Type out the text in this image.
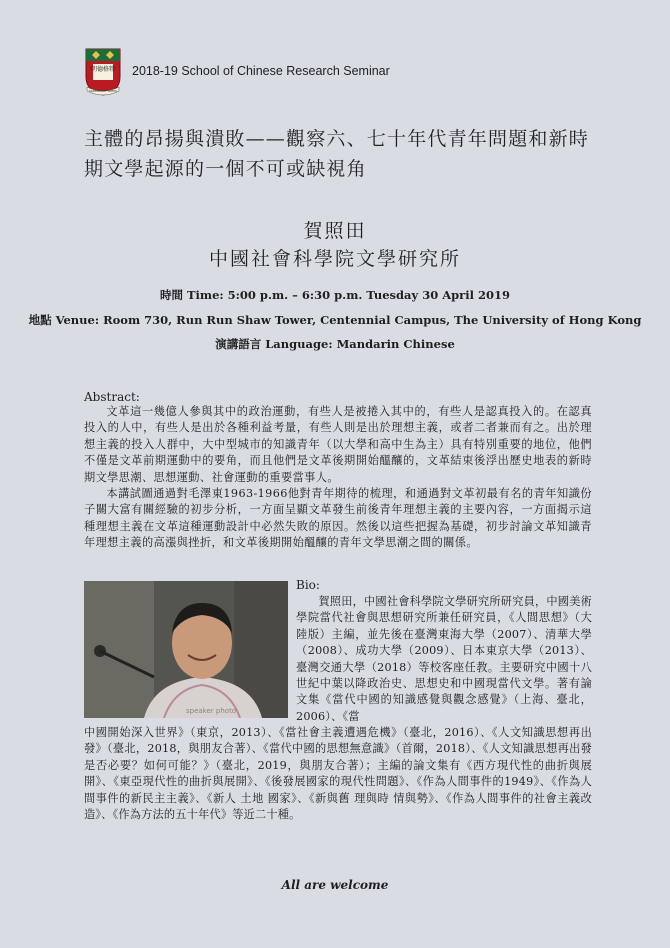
明德格物
SAPIENTIA ET VIRTUS
2018-19 School of Chinese Research Seminar
主體的昂揚與潰敗——觀察六、七十年代青年問題和新時期文學起源的一個不可或缺視角
賀照田
中國社會科學院文學研究所
時間 Time: 5:00 p.m. – 6:30 p.m. Tuesday 30 April 2019
地點 Venue: Room 730, Run Run Shaw Tower, Centennial Campus, The University of Hong Kong
演講語言 Language: Mandarin Chinese
Abstract:

文革這一幾億人參與其中的政治運動，有些人是被捲入其中的，有些人是認真投入的。在認真投入的人中，有些人是出於各種利益考量，有些人則是出於理想主義，或者二者兼而有之。出於理想主義的投入人群中，大中型城市的知識青年（以大學和高中生為主）具有特別重要的地位，他們不僅是文革前期運動中的要角，而且他們是文革後期開始醞釀的，文革結束後浮出歷史地表的新時期文學思潮、思想運動、社會運動的重要當事人。

本講試圖通過對毛澤東1963-1966他對青年期待的梳理，和通過對文革初最有名的青年知識份子關大富有關經驗的初步分析，一方面呈顯文革發生前後青年理想主義的主要內容，一方面揭示這種理想主義在文革這種運動設計中必然失敗的原因。然後以這些把握為基礎，初步討論文革知識青年理想主義的高漲與挫折，和文革後期開始醞釀的青年文學思潮之間的關係。

speaker photo
Bio:

賀照田，中國社會科學院文學研究所研究員，中國美術學院當代社會與思想研究所兼任研究員，《人間思想》（大陸版）主編，並先後在臺灣東海大學（2007）、清華大學（2008）、成功大學（2009）、日本東京大學（2013）、臺灣交通大學（2018）等校客座任教。主要研究中國十八世紀中葉以降政治史、思想史和中國現當代文學。著有論文集《當代中國的知識感覺與觀念感覺》（上海、臺北，2006）、《當

中國開始深入世界》（東京，2013）、《當社會主義遭遇危機》（臺北，2016）、《人文知識思想再出發》（臺北，2018，與朋友合著）、《當代中國的思想無意識》（首爾，2018）、《人文知識思想再出發是否必要？如何可能？》（臺北，2019，與朋友合著）；主編的論文集有《西方現代性的曲折與展開》、《東亞現代性的曲折與展開》、《後發展國家的現代性問題》、《作為人間事件的1949》、《作為人間事件的新民主主義》、《新人 土地 國家》、《新與舊 理與時 情與勢》、《作為人間事件的社會主義改造》、《作為方法的五十年代》等近二十種。

All are welcome
